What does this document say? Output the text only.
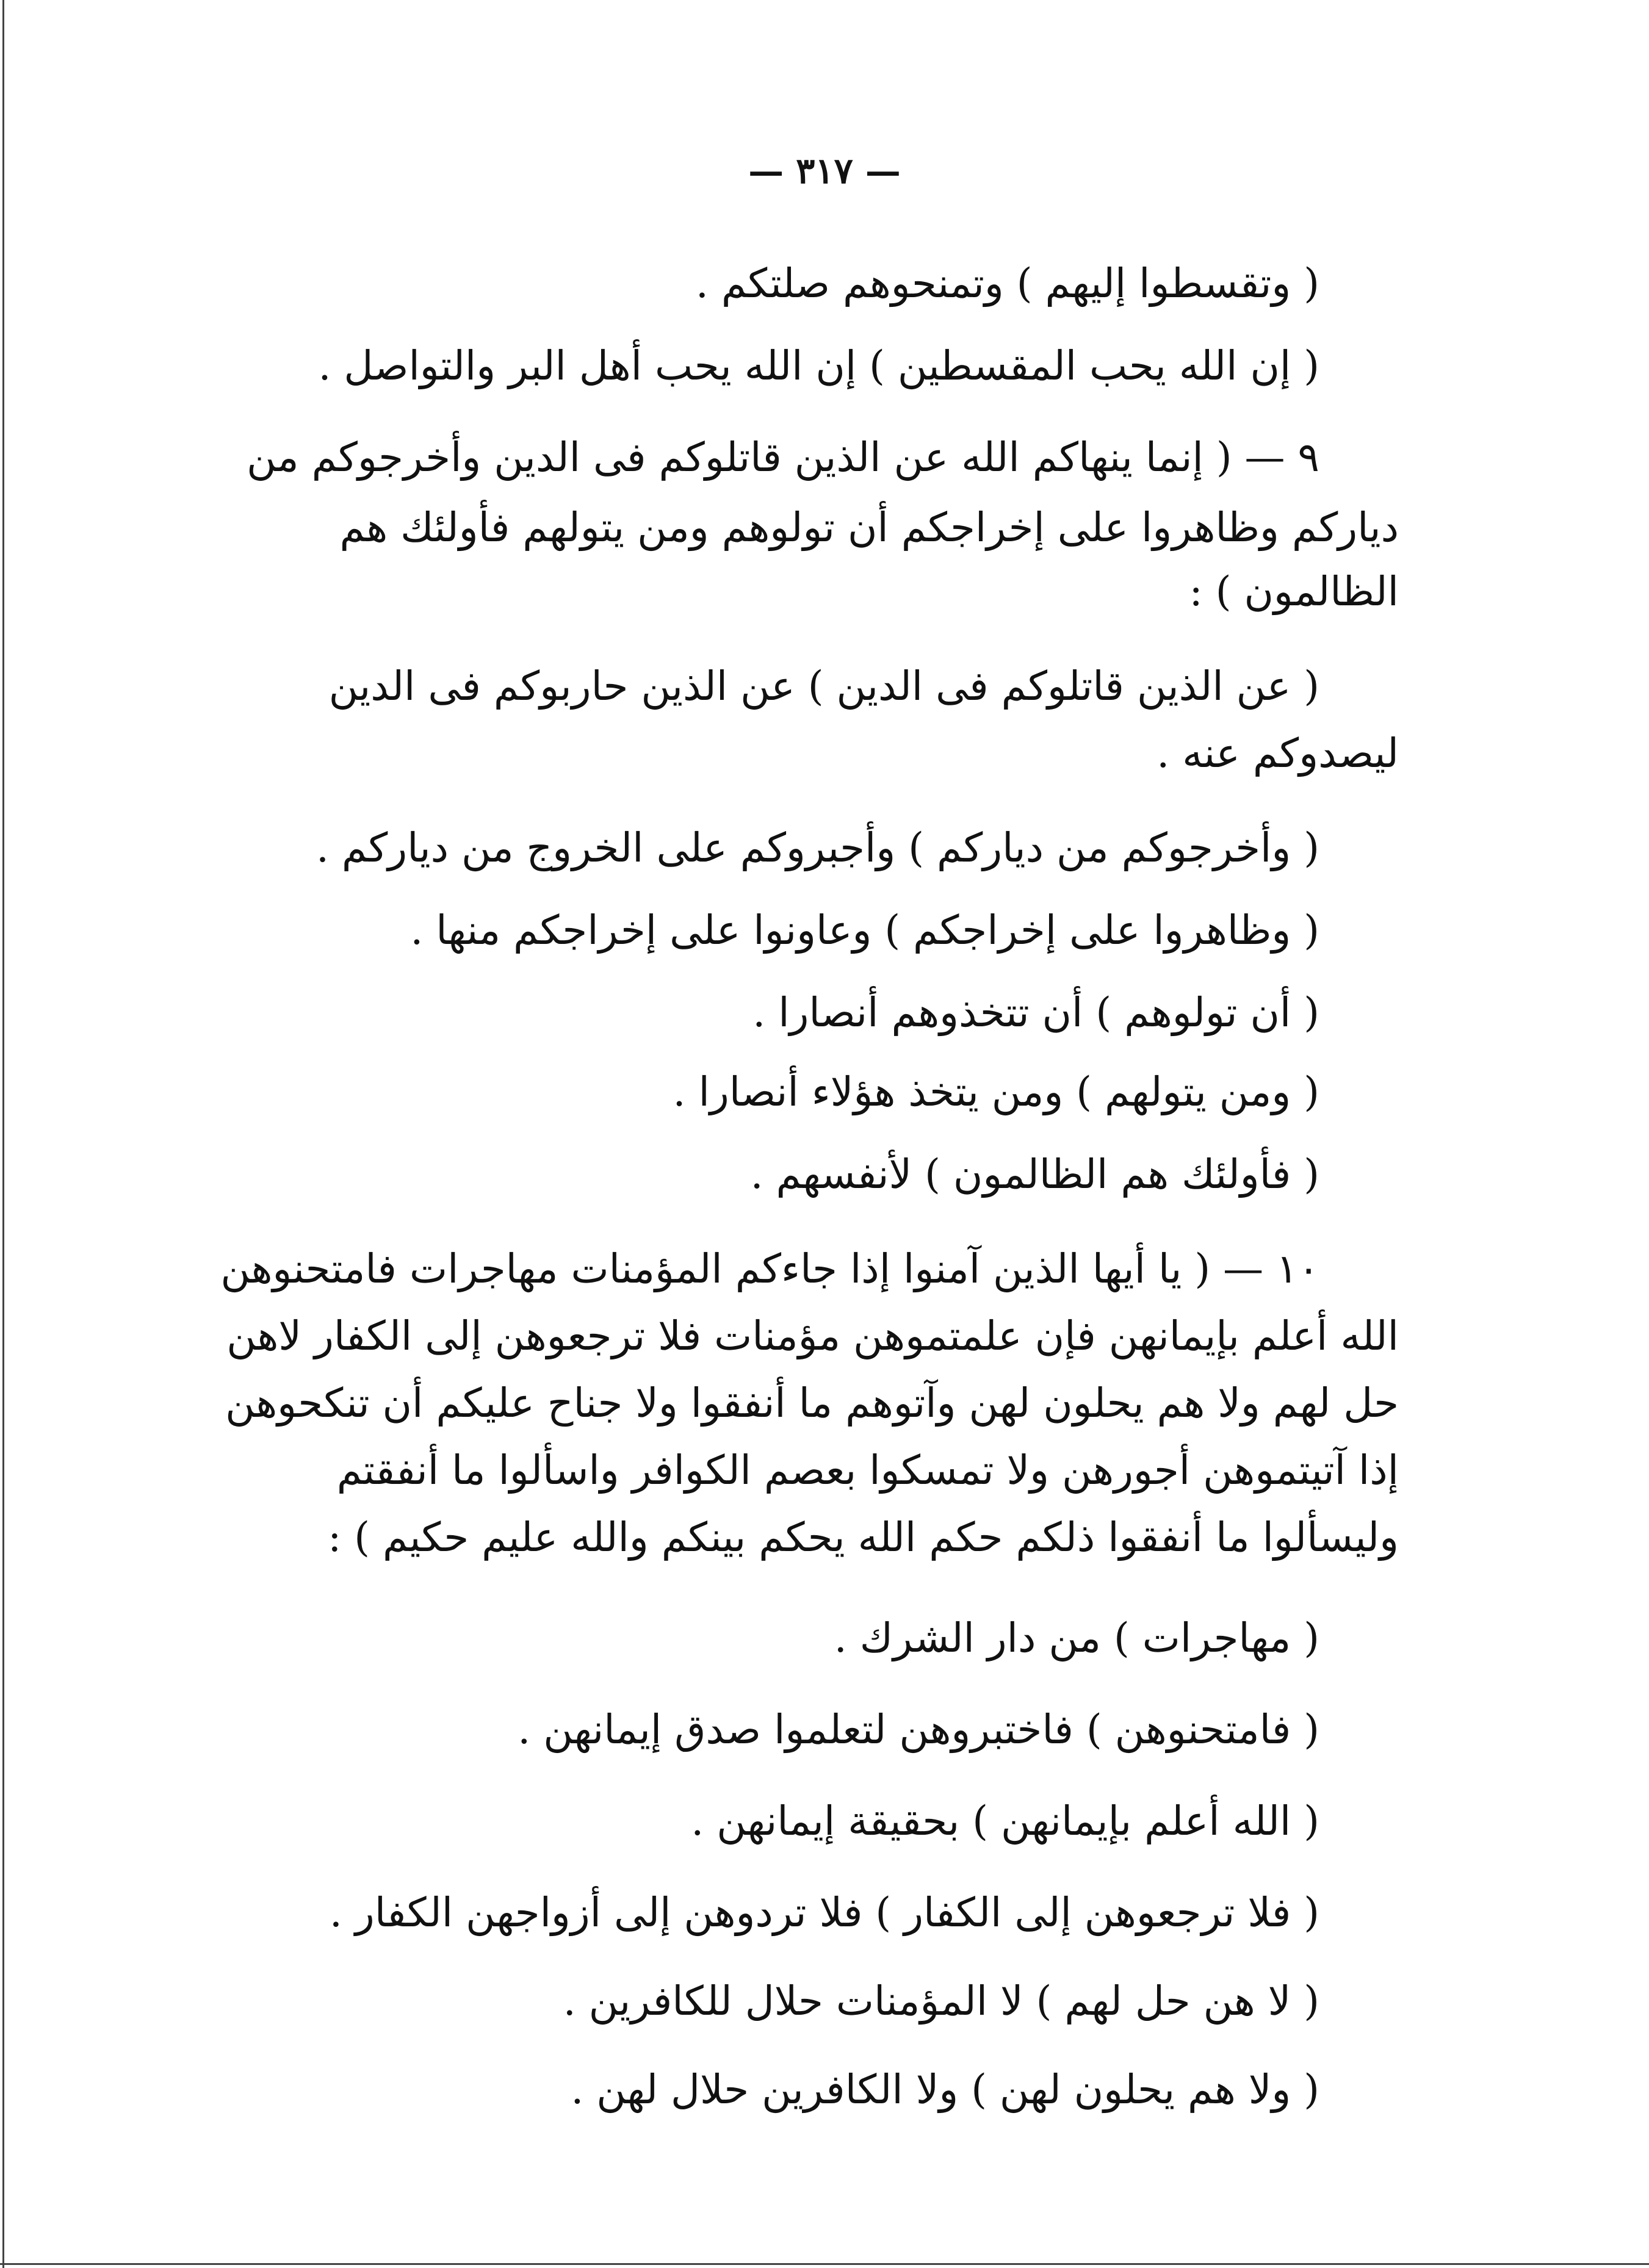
— ٣١٧ —
( وتقسطوا إليهم ) وتمنحوهم صلتكم .
( إن الله يحب المقسطين ) إن الله يحب أهل البر والتواصل .
٩ — ( إنما ينهاكم الله عن الذين قاتلوكم فى الدين وأخرجوكم من
دياركم وظاهروا على إخراجكم أن تولوهم ومن يتولهم فأولئك هم
الظالمون ) :
( عن الذين قاتلوكم فى الدين ) عن الذين حاربوكم فى الدين
ليصدوكم عنه .
( وأخرجوكم من دياركم ) وأجبروكم على الخروج من دياركم .
( وظاهروا على إخراجكم ) وعاونوا على إخراجكم منها .
( أن تولوهم ) أن تتخذوهم أنصارا .
( ومن يتولهم ) ومن يتخذ هؤلاء أنصارا .
( فأولئك هم الظالمون ) لأنفسهم .
١٠ — ( يا أيها الذين آمنوا إذا جاءكم المؤمنات مهاجرات فامتحنوهن
الله أعلم بإيمانهن فإن علمتموهن مؤمنات فلا ترجعوهن إلى الكفار لاهن
حل لهم ولا هم يحلون لهن وآتوهم ما أنفقوا ولا جناح عليكم أن تنكحوهن
إذا آتيتموهن أجورهن ولا تمسكوا بعصم الكوافر واسألوا ما أنفقتم
وليسألوا ما أنفقوا ذلكم حكم الله يحكم بينكم والله عليم حكيم ) :
( مهاجرات ) من دار الشرك .
( فامتحنوهن ) فاختبروهن لتعلموا صدق إيمانهن .
( الله أعلم بإيمانهن ) بحقيقة إيمانهن .
( فلا ترجعوهن إلى الكفار ) فلا تردوهن إلى أزواجهن الكفار .
( لا هن حل لهم ) لا المؤمنات حلال للكافرين .
( ولا هم يحلون لهن ) ولا الكافرين حلال لهن .
